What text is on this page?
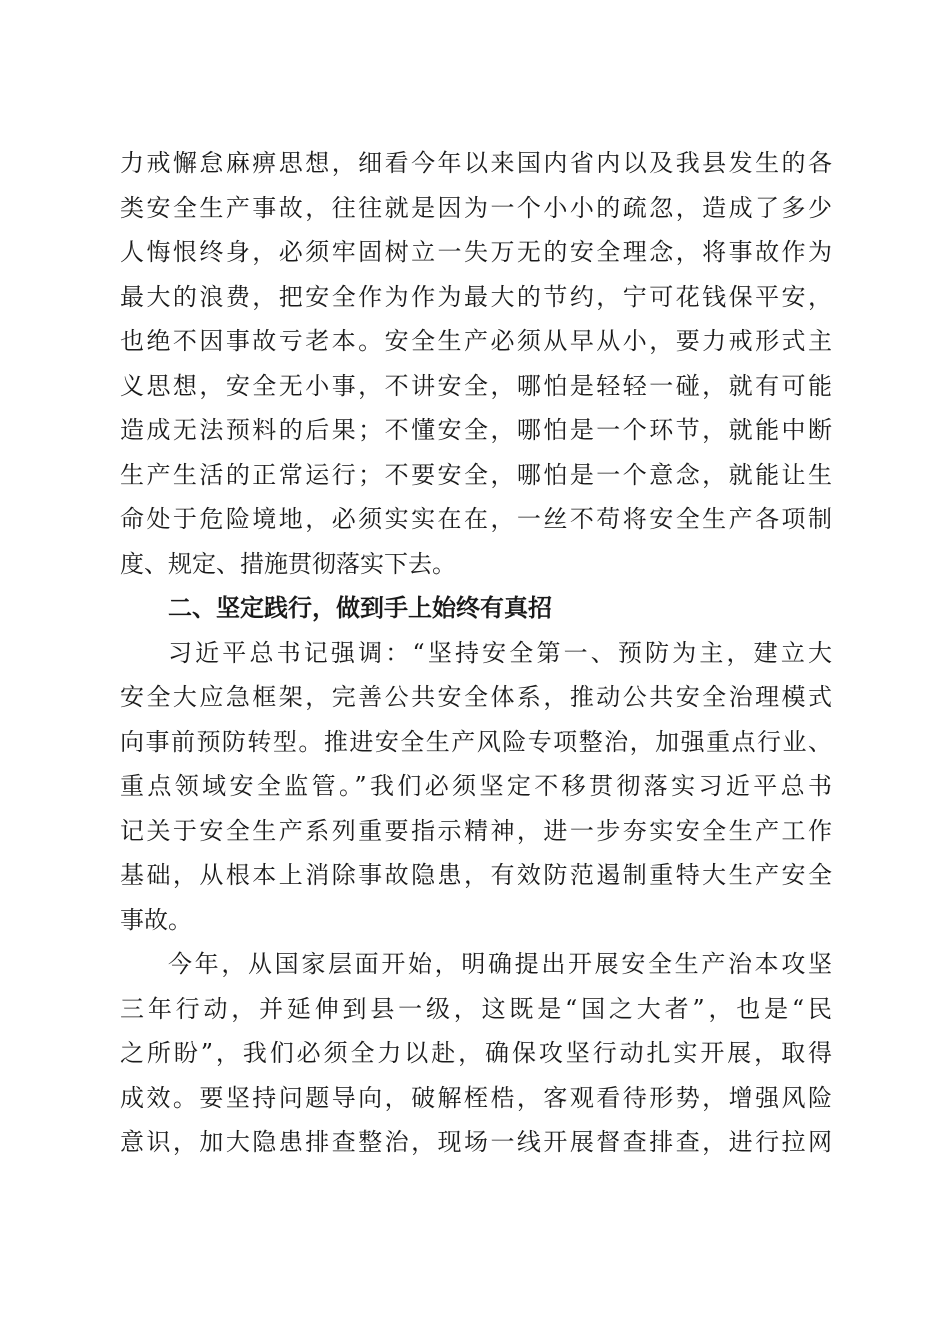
力戒懈怠麻痹思想，细看今年以来国内省内以及我县发生的各
类安全生产事故，往往就是因为一个小小的疏忽，造成了多少
人悔恨终身，必须牢固树立一失万无的安全理念，将事故作为
最大的浪费，把安全作为作为最大的节约，宁可花钱保平安，
也绝不因事故亏老本。安全生产必须从早从小，要力戒形式主
义思想，安全无小事，不讲安全，哪怕是轻轻一碰，就有可能
造成无法预料的后果；不懂安全，哪怕是一个环节，就能中断
生产生活的正常运行；不要安全，哪怕是一个意念，就能让生
命处于危险境地，必须实实在在，一丝不苟将安全生产各项制
度、规定、措施贯彻落实下去。
二、坚定践行，做到手上始终有真招
习近平总书记强调：“坚持安全第一、预防为主，建立大
安全大应急框架，完善公共安全体系，推动公共安全治理模式
向事前预防转型。推进安全生产风险专项整治，加强重点行业、
重点领域安全监管。”我们必须坚定不移贯彻落实习近平总书
记关于安全生产系列重要指示精神，进一步夯实安全生产工作
基础，从根本上消除事故隐患，有效防范遏制重特大生产安全
事故。
今年，从国家层面开始，明确提出开展安全生产治本攻坚
三年行动，并延伸到县一级，这既是“国之大者”，也是“民
之所盼”，我们必须全力以赴，确保攻坚行动扎实开展，取得
成效。要坚持问题导向，破解桎梏，客观看待形势，增强风险
意识，加大隐患排查整治，现场一线开展督查排查，进行拉网
